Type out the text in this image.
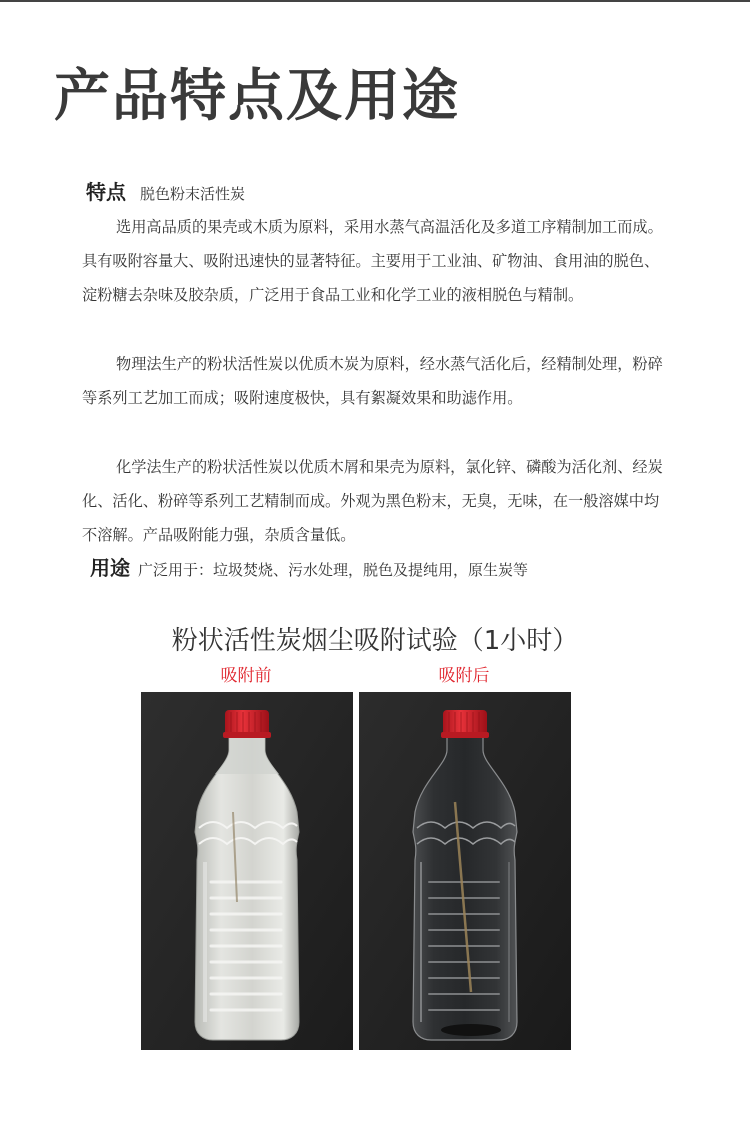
产品特点及用途
特点 脱色粉末活性炭

选用高品质的果壳或木质为原料，采用水蒸气高温活化及多道工序精制加工而成。具有吸附容量大、吸附迅速快的显著特征。主要用于工业油、矿物油、食用油的脱色、淀粉糖去杂味及胶杂质，广泛用于食品工业和化学工业的液相脱色与精制。

物理法生产的粉状活性炭以优质木炭为原料，经水蒸气活化后，经精制处理，粉碎等系列工艺加工而成；吸附速度极快，具有絮凝效果和助滤作用。

化学法生产的粉状活性炭以优质木屑和果壳为原料，氯化锌、磷酸为活化剂、经炭化、活化、粉碎等系列工艺精制而成。外观为黑色粉末，无臭，无味，在一般溶媒中均不溶解。产品吸附能力强，杂质含量低。

用途 广泛用于：垃圾焚烧、污水处理，脱色及提纯用，原生炭等
粉状活性炭烟尘吸附试验（1小时）
吸附前	吸附后
